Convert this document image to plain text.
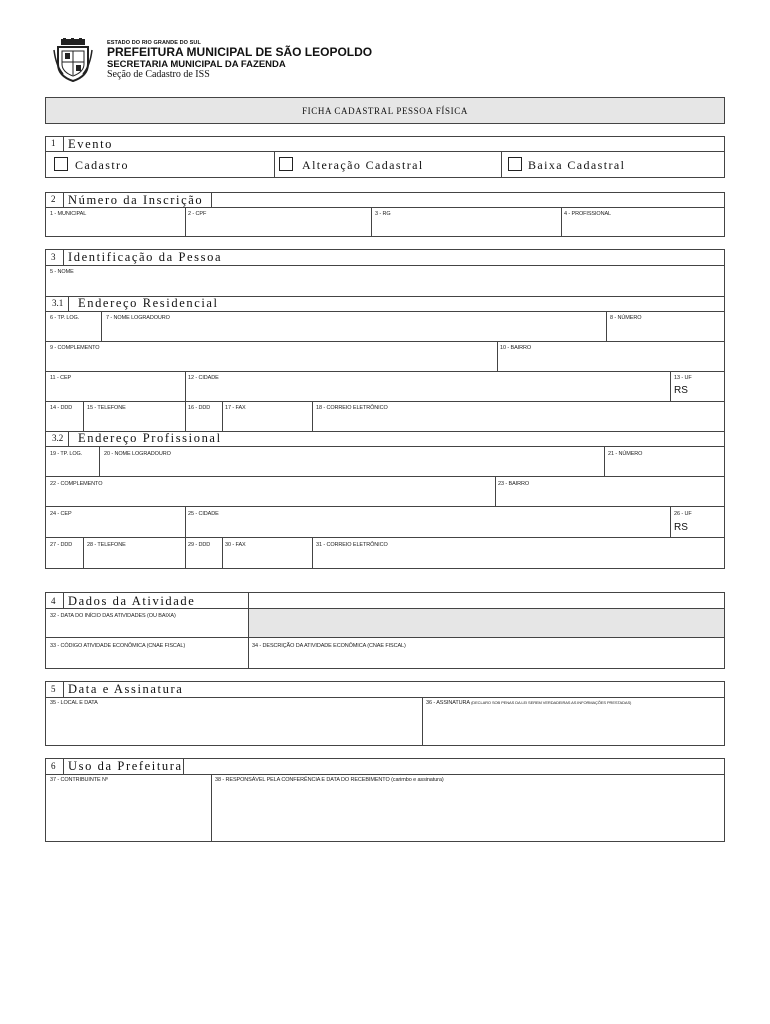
ESTADO DO RIO GRANDE DO SUL
PREFEITURA MUNICIPAL DE SÃO LEOPOLDO
SECRETARIA MUNICIPAL DA FAZENDA
Seção de Cadastro de ISS
FICHA CADASTRAL PESSOA FÍSICA
1 Evento
Cadastro	Alteração Cadastral	Baixa Cadastral
2 Número da Inscrição
1 - MUNICIPAL	2 - CPF	3 - RG	4 - PROFISSIONAL
3 Identificação da Pessoa
5 - NOME
3.1 Endereço Residencial
6 - TP. LOG.	7 - NOME LOGRADOURO	8 - NÚMERO
9 - COMPLEMENTO	10 - BAIRRO
11 - CEP	12 - CIDADE	13 - UF
RS
14 - DDD	15 - TELEFONE	16 - DDD	17 - FAX	18 - CORREIO ELETRÔNICO
3.2 Endereço Profissional
19 - TP. LOG.	20 - NOME LOGRADOURO	21 - NÚMERO
22 - COMPLEMENTO	23 - BAIRRO
24 - CEP	25 - CIDADE	26 - UF
RS
27 - DDD	28 - TELEFONE	29 - DDD	30 - FAX	31 - CORREIO ELETRÔNICO
4 Dados da Atividade
32 - DATA DO INÍCIO DAS ATIVIDADES (OU BAIXA)
33 - CÓDIGO ATIVIDADE ECONÔMICA (CNAE FISCAL)	34 - DESCRIÇÃO DA ATIVIDADE ECONÔMICA (CNAE FISCAL)
5 Data e Assinatura
35 - LOCAL E DATA	36 - ASSINATURA (DECLARO SOB PENAS DA LEI SEREM VERDADEIRAS AS INFORMAÇÕES PRESTADAS)
6 Uso da Prefeitura
37 - CONTRIBUINTE Nº	38 - RESPONSÁVEL PELA CONFERÊNCIA E DATA DO RECEBIMENTO (carimbo e assinatura)
